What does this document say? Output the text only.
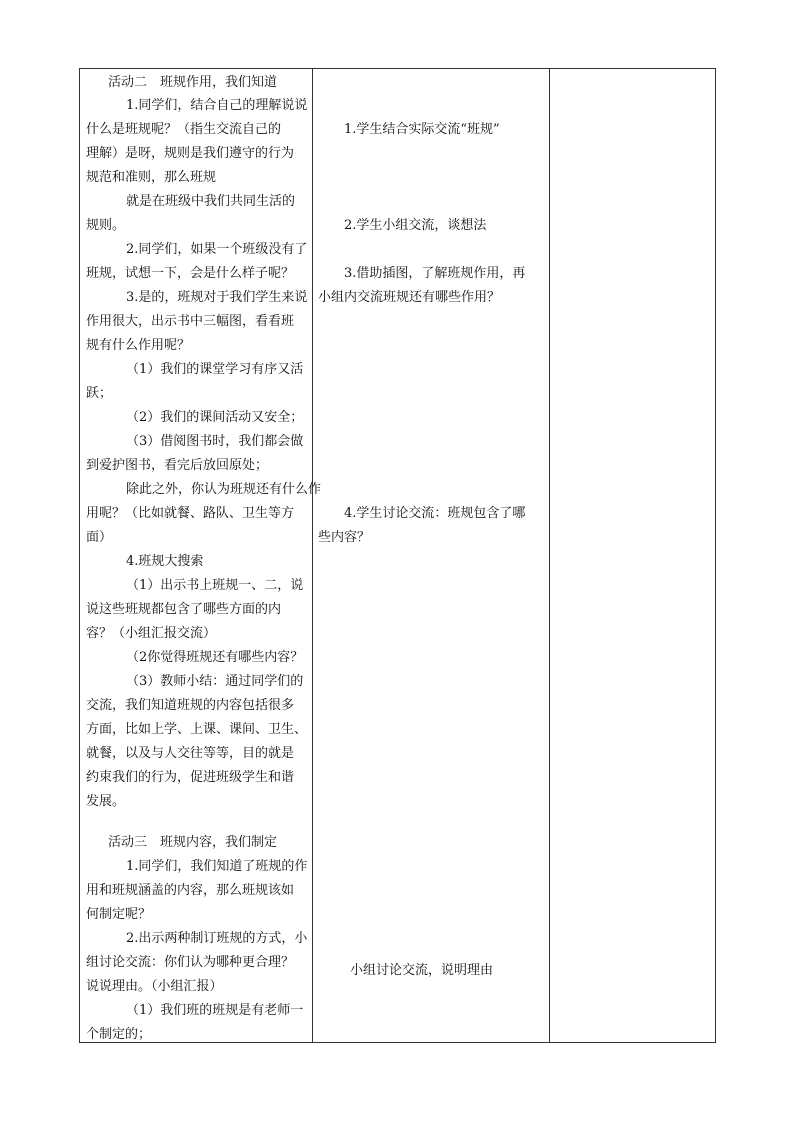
活动二　班规作用，我们知道
1.同学们，结合自己的理解说说
什么是班规呢？（指生交流自己的
理解）是呀，规则是我们遵守的行为
规范和准则，那么班规
就是在班级中我们共同生活的
规则。
2.同学们，如果一个班级没有了
班规，试想一下，会是什么样子呢？
3.是的，班规对于我们学生来说
作用很大，出示书中三幅图，看看班
规有什么作用呢？
（1）我们的课堂学习有序又活
跃；
（2）我们的课间活动又安全；
（3）借阅图书时，我们都会做
到爱护图书，看完后放回原处；
除此之外，你认为班规还有什么作
用呢？（比如就餐、路队、卫生等方
面）
4.班规大搜索
（1）出示书上班规一、二，说
说这些班规都包含了哪些方面的内
容？（小组汇报交流）
（2你觉得班规还有哪些内容？
（3）教师小结：通过同学们的
交流，我们知道班规的内容包括很多
方面，比如上学、上课、课间、卫生、
就餐，以及与人交往等等，目的就是
约束我们的行为，促进班级学生和谐
发展。
活动三　班规内容，我们制定
1.同学们，我们知道了班规的作
用和班规涵盖的内容，那么班规该如
何制定呢？
2.出示两种制订班规的方式，小
组讨论交流：你们认为哪种更合理？
说说理由。（小组汇报）
（1）我们班的班规是有老师一
个制定的；
1.学生结合实际交流“班规”
2.学生小组交流，谈想法
3.借助插图，了解班规作用，再
小组内交流班规还有哪些作用？
4.学生讨论交流：班规包含了哪
些内容？
小组讨论交流，说明理由
